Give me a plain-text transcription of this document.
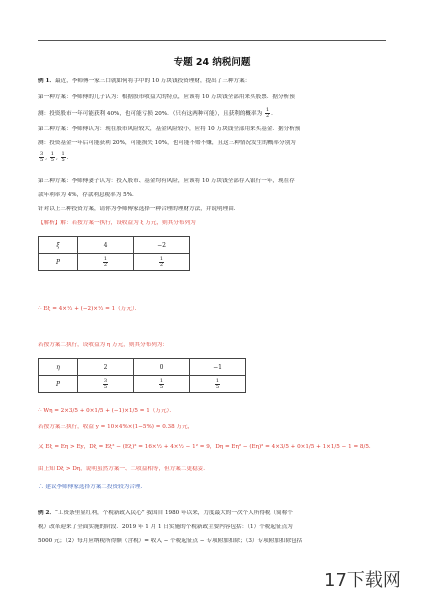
专题 24 纳税问题
例 1．最近，李师傅一家三口就如何将手中的 10 万块钱投资理财，提出了三种方案：
第一种方案：李师傅的儿子认为：根据股市收益大的特点，应该将 10 万块钱全部用来买股票．据分析预
测：投资股市一年可能获利 40%，也可能亏损 20%．（只有这两种可能），且获利的概率为 $\frac{1}{2}$ ．
第二种方案：李师傅认为：现在股市风险较大，基金风险较小，应将 10 万块钱全部用来买基金．据分析预
测：投资基金一年后可能获利 20%，可能损失 10%，也可能不赔不赚，且这三种情况发生的概率分别为
$\frac{3}{5}$ , $\frac{1}{5}$ , $\frac{1}{5}$ ．
第三种方案：李师傅妻子认为：投入股市、基金均有风险，应该将 10 万块钱全部存入银行一年，现在存
款年利率为 4%，存款利息税率为 5%．
针对以上三种投资方案，请你为李师傅家选择一种合理的理财方法，并说明理由．
【解析】解：若按方案一执行，设收益为 ξ 万元，则其分布列为
ξ	4	−2
P	$\frac{1}{2}$	$\frac{1}{2}$
∴ Eξ = 4×½ + (−2)×½ = 1（万元）．
若按方案二执行，设收益为 η 万元，则其分布列为：
η	2	0	−1
P	$\frac{3}{5}$	$\frac{1}{5}$	$\frac{1}{5}$
∴ Wη = 2×3/5 + 0×1/5 + (−1)×1/5 = 1（万元）．
若按方案三执行，收益 y = 10×4%×(1−5%) = 0.38 万元，
又 Eξ = Eη > Ey，Dξ = Eξ² − (Eξ)² = 16×½ + 4×½ − 1² = 9，Dη = Eη² − (Eη)² = 4×3/5 + 0×1/5 + 1×1/5 − 1 = 8/5．
由上知 Dξ > Dη，说明虽然方案一、二收益相等，但方案二更稳妥．
∴ 建议李师傅家选择方案二投资较为合理．
例 2．“工资条里显红利，个税新政入民心” 我国自 1980 年以来，力度最大的一次个人所得税（简称个
税）改革迎来了全面实施的阶段．2019 年 1 月 1 日实施的个税新政主要内容包括：（1）个税起征点为
5000 元；（2）每月应纳税所得额（含税）= 收入 − 个税起征点 − 专项附加扣除；（3）专项附加扣除包括
17下载网
